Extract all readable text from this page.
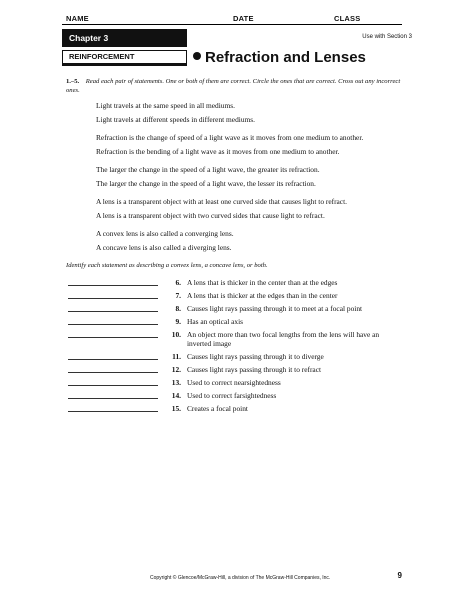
NAME	DATE	CLASS
Chapter 3	Use with Section 3
REINFORCEMENT	Refraction and Lenses
1.–5. Read each pair of statements. One or both of them are correct. Circle the ones that are correct. Cross out any incorrect ones.
Light travels at the same speed in all mediums.
Light travels at different speeds in different mediums.
Refraction is the change of speed of a light wave as it moves from one medium to another.
Refraction is the bending of a light wave as it moves from one medium to another.
The larger the change in the speed of a light wave, the greater its refraction.
The larger the change in the speed of a light wave, the lesser its refraction.
A lens is a transparent object with at least one curved side that causes light to refract.
A lens is a transparent object with two curved sides that cause light to refract.
A convex lens is also called a converging lens.
A concave lens is also called a diverging lens.
Identify each statement as describing a convex lens, a concave lens, or both.
6. A lens that is thicker in the center than at the edges
7. A lens that is thicker at the edges than in the center
8. Causes light rays passing through it to meet at a focal point
9. Has an optical axis
10. An object more than two focal lengths from the lens will have an inverted image
11. Causes light rays passing through it to diverge
12. Causes light rays passing through it to refract
13. Used to correct nearsightedness
14. Used to correct farsightedness
15. Creates a focal point
Copyright © Glencoe/McGraw-Hill, a division of The McGraw-Hill Companies, Inc.	9
